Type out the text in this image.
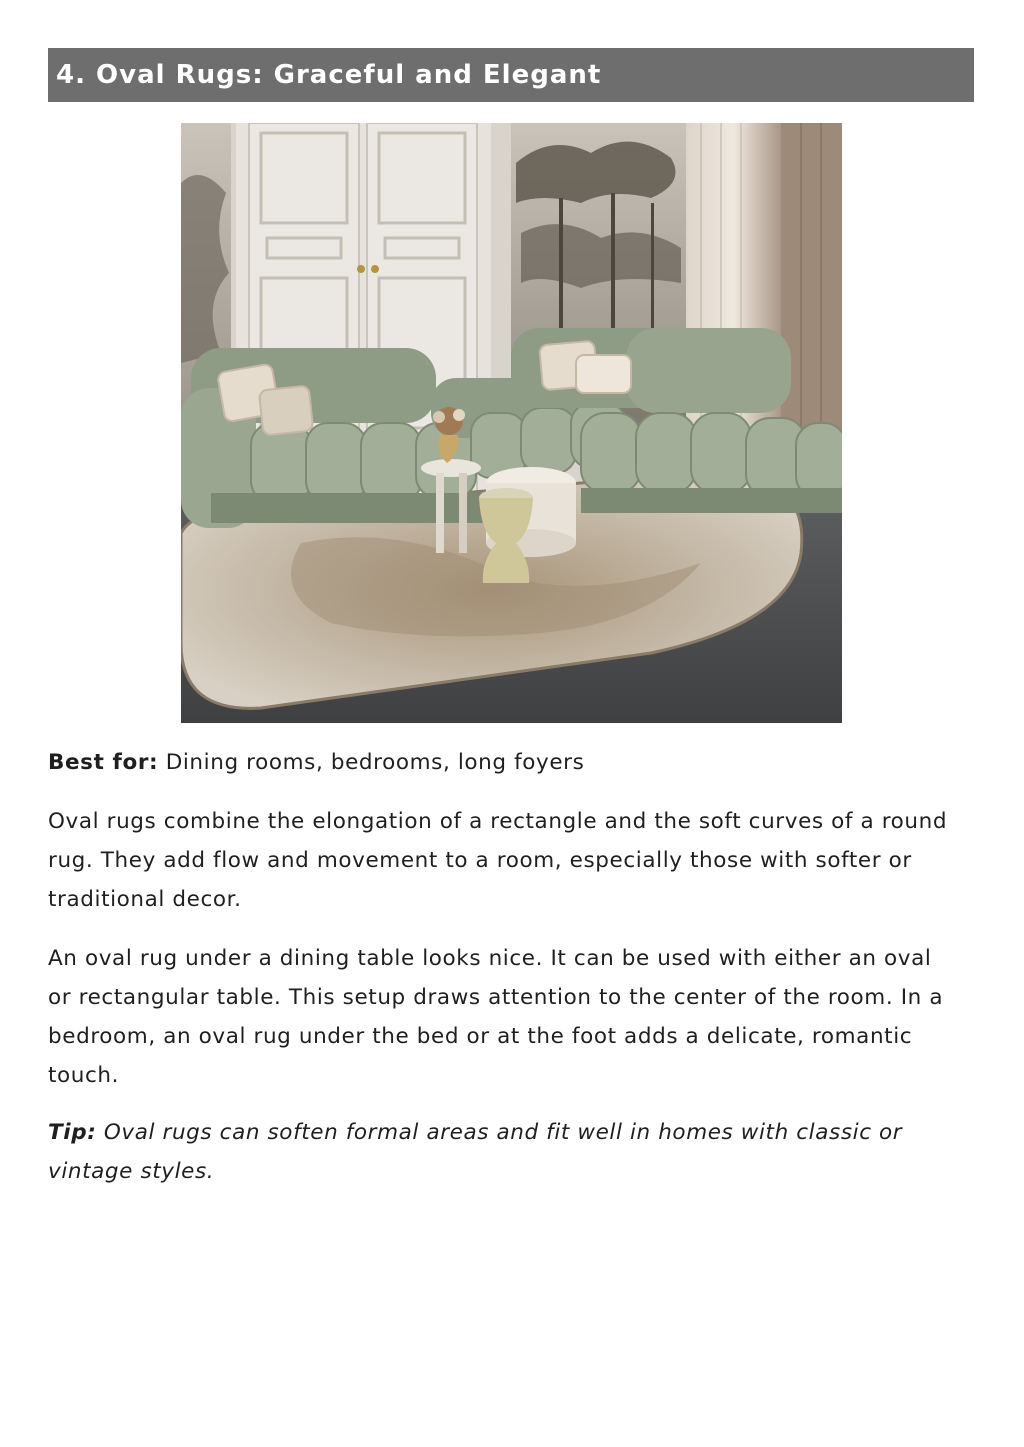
4. Oval Rugs: Graceful and Elegant

Best for: Dining rooms, bedrooms, long foyers

Oval rugs combine the elongation of a rectangle and the soft curves of a round rug. They add flow and movement to a room, especially those with softer or traditional decor.

An oval rug under a dining table looks nice. It can be used with either an oval or rectangular table. This setup draws attention to the center of the room. In a bedroom, an oval rug under the bed or at the foot adds a delicate, romantic touch.

Tip: Oval rugs can soften formal areas and fit well in homes with classic or vintage styles.
